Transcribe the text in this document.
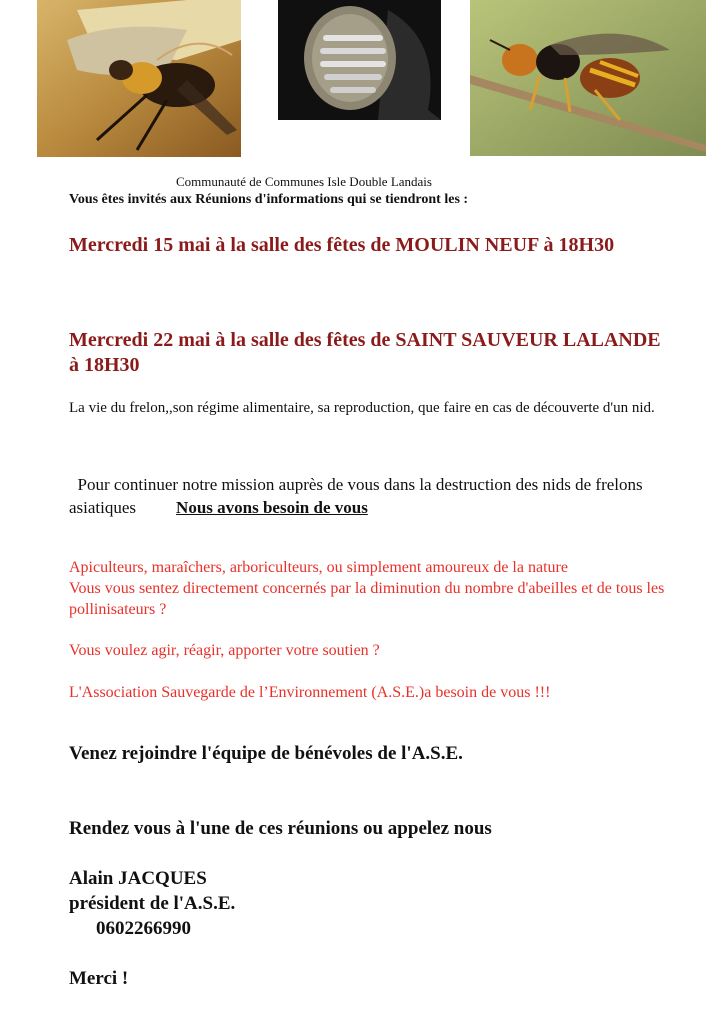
Communauté de Communes Isle Double Landais

Vous êtes invités aux Réunions d'informations qui se tiendront les :

Mercredi 15 mai à la salle des fêtes de MOULIN NEUF à 18H30

Mercredi 22 mai à la salle des fêtes de SAINT SAUVEUR LALANDE à 18H30

La vie du frelon,,son régime alimentaire, sa reproduction, que faire en cas de découverte d'un nid.

Pour continuer notre mission auprès de vous dans la destruction des nids de frelons asiatiques Nous avons besoin de vous

Apiculteurs, maraîchers, arboriculteurs, ou simplement amoureux de la nature
Vous vous sentez directement concernés par la diminution du nombre d'abeilles et de tous les pollinisateurs ?

Vous voulez agir, réagir, apporter votre soutien ?

L'Association Sauvegarde de l’Environnement (A.S.E.)a besoin de vous !!!

Venez rejoindre l'équipe de bénévoles de l'A.S.E.

Rendez vous à l'une de ces réunions ou appelez nous

Alain JACQUES

président de l'A.S.E.

0602266990

Merci !
